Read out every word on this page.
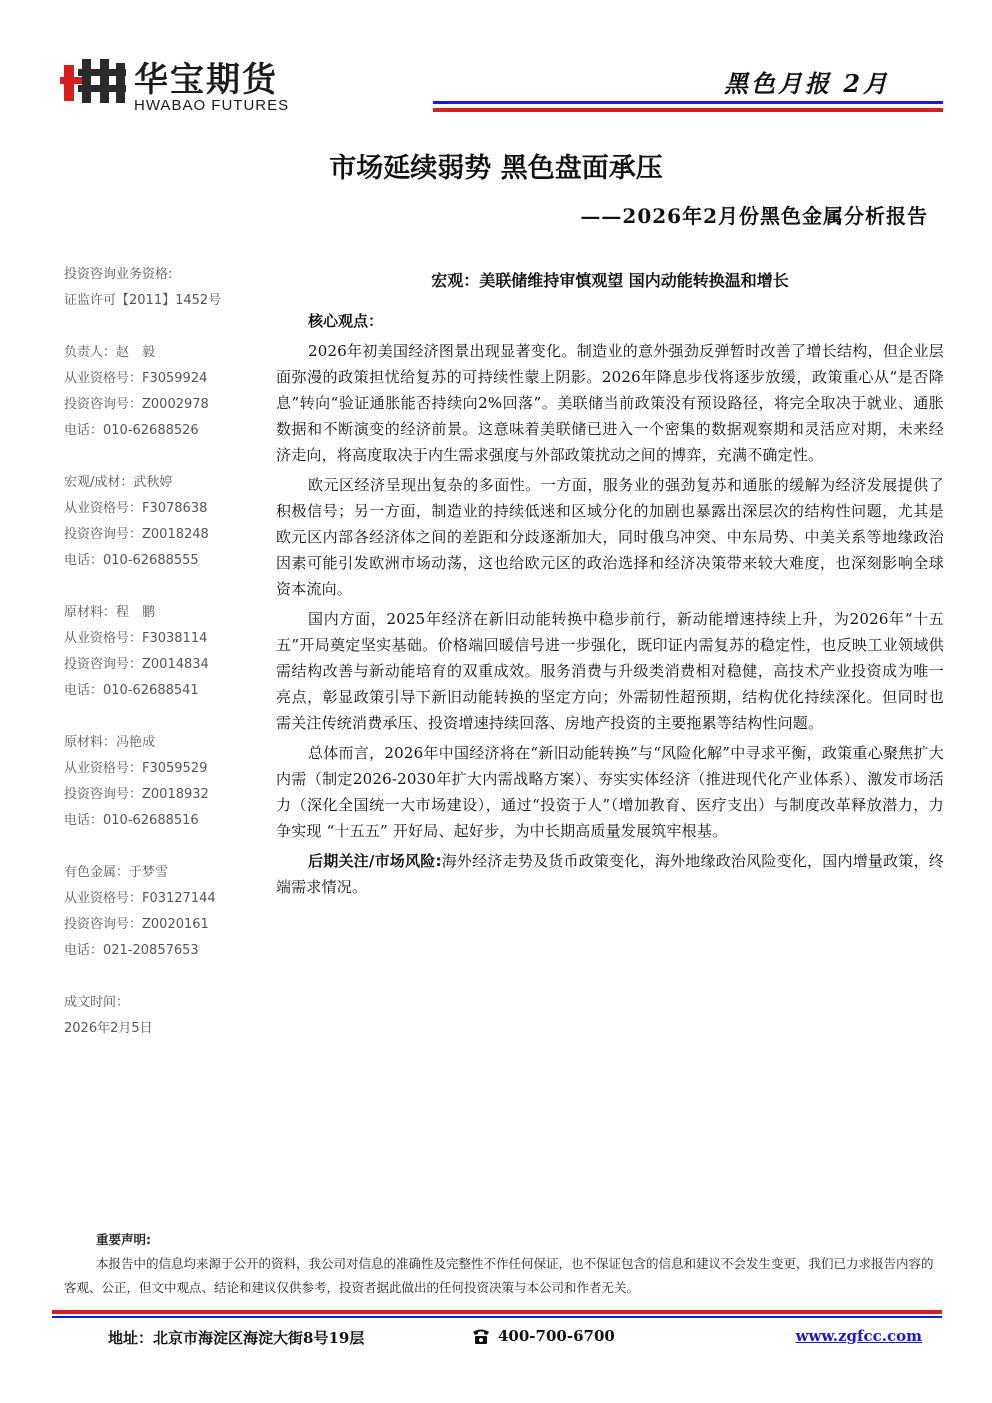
华宝期货
HWABAO FUTURES
黑色月报 2月
市场延续弱势 黑色盘面承压
——2026年2月份黑色金属分析报告
投资咨询业务资格:
证监许可【2011】1452号
负责人：赵　毅
从业资格号：F3059924
投资咨询号：Z0002978
电话：010-62688526
宏观/成材：武秋婷
从业资格号：F3078638
投资咨询号：Z0018248
电话：010-62688555
原材料：程　鹏
从业资格号：F3038114
投资咨询号：Z0014834
电话：010-62688541
原材料：冯艳成
从业资格号：F3059529
投资咨询号：Z0018932
电话：010-62688516
有色金属：于梦雪
从业资格号：F03127144
投资咨询号：Z0020161
电话：021-20857653
成文时间：
2026年2月5日
宏观：美联储维持审慎观望 国内动能转换温和增长
核心观点：

2026年初美国经济图景出现显著变化。制造业的意外强劲反弹暂时改善了增长结构，但企业层面弥漫的政策担忧给复苏的可持续性蒙上阴影。2026年降息步伐将逐步放缓，政策重心从“是否降息”转向“验证通胀能否持续向2%回落”。美联储当前政策没有预设路径，将完全取决于就业、通胀数据和不断演变的经济前景。这意味着美联储已进入一个密集的数据观察期和灵活应对期，未来经济走向，将高度取决于内生需求强度与外部政策扰动之间的博弈，充满不确定性。

欧元区经济呈现出复杂的多面性。一方面，服务业的强劲复苏和通胀的缓解为经济发展提供了积极信号；另一方面，制造业的持续低迷和区域分化的加剧也暴露出深层次的结构性问题，尤其是欧元区内部各经济体之间的差距和分歧逐渐加大，同时俄乌冲突、中东局势、中美关系等地缘政治因素可能引发欧洲市场动荡，这也给欧元区的政治选择和经济决策带来较大难度，也深刻影响全球资本流向。

国内方面，2025年经济在新旧动能转换中稳步前行，新动能增速持续上升，为2026年“十五五”开局奠定坚实基础。价格端回暖信号进一步强化，既印证内需复苏的稳定性，也反映工业领域供需结构改善与新动能培育的双重成效。服务消费与升级类消费相对稳健，高技术产业投资成为唯一亮点，彰显政策引导下新旧动能转换的坚定方向；外需韧性超预期，结构优化持续深化。但同时也需关注传统消费承压、投资增速持续回落、房地产投资的主要拖累等结构性问题。

总体而言，2026年中国经济将在“新旧动能转换”与“风险化解”中寻求平衡，政策重心聚焦扩大内需（制定2026-2030年扩大内需战略方案）、夯实实体经济（推进现代化产业体系）、激发市场活力（深化全国统一大市场建设），通过“投资于人”（增加教育、医疗支出）与制度改革释放潜力，力争实现 “十五五” 开好局、起好步，为中长期高质量发展筑牢根基。

后期关注/市场风险:海外经济走势及货币政策变化，海外地缘政治风险变化，国内增量政策，终端需求情况。

重要声明:
本报告中的信息均来源于公开的资料，我公司对信息的准确性及完整性不作任何保证，也不保证包含的信息和建议不会发生变更，我们已力求报告内容的客观、公正，但文中观点、结论和建议仅供参考，投资者据此做出的任何投资决策与本公司和作者无关。
地址：北京市海淀区海淀大街8号19层	400-700-6700	www.zgfcc.com
